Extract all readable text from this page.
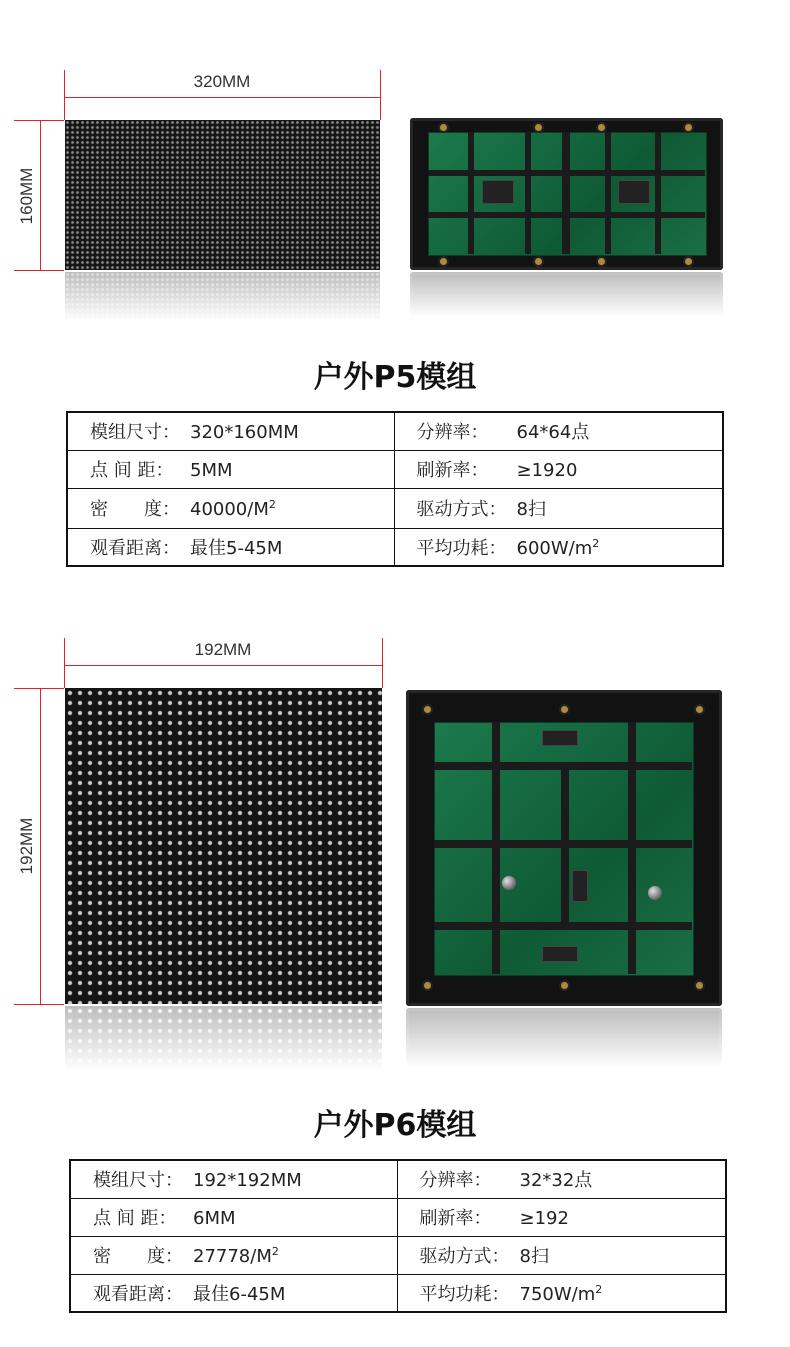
320MM
160MM
户外P5模组
模组尺寸： 320*160MM	分辨率： 64*64点
点 间 距： 5MM	刷新率： ≥1920
密　　度： $40000/M^2$	驱动方式： 8扫
观看距离： 最佳5-45M	平均功耗： $600W/m^2$
192MM
192MM
户外P6模组
模组尺寸： 192*192MM	分辨率： 32*32点
点 间 距： 6MM	刷新率： ≥192
密　　度： $27778/M^2$	驱动方式： 8扫
观看距离： 最佳6-45M	平均功耗： $750W/m^2$
